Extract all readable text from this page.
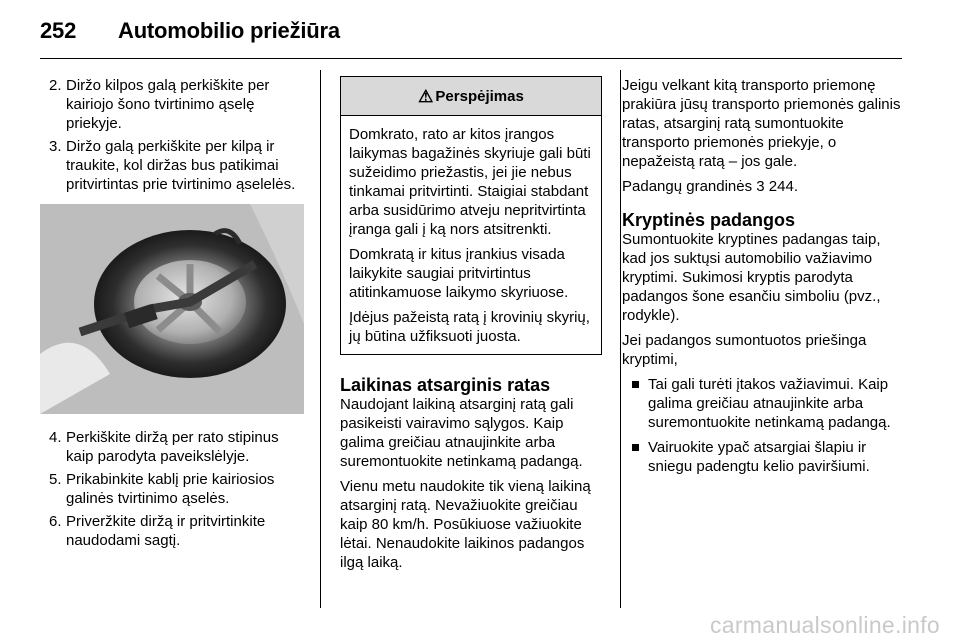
252 Automobilio priežiūra
2. Diržo kilpos galą perkiškite per kairiojo šono tvirtinimo ąselę priekyje.
3. Diržo galą perkiškite per kilpą ir traukite, kol diržas bus patikimai pritvirtintas prie tvirtinimo ąselelės.
4. Perkiškite diržą per rato stipinus kaip parodyta paveikslėlyje.
5. Prikabinkite kablį prie kairiosios galinės tvirtinimo ąselės.
6. Priveržkite diržą ir pritvirtinkite naudodami sagtį.
⚠ Perspėjimas

Domkrato, rato ar kitos įrangos laikymas bagažinės skyriuje gali būti sužeidimo priežastis, jei jie nebus tinkamai pritvirtinti. Staigiai stabdant arba susidūrimo atveju nepritvirtinta įranga gali į ką nors atsitrenkti.

Domkratą ir kitus įrankius visada laikykite saugiai pritvirtintus atitinkamuose laikymo skyriuose.

Įdėjus pažeistą ratą į krovinių skyrių, jų būtina užfiksuoti juosta.

Laikinas atsarginis ratas

Naudojant laikiną atsarginį ratą gali pasikeisti vairavimo sąlygos. Kaip galima greičiau atnaujinkite arba suremontuokite netinkamą padangą.

Vienu metu naudokite tik vieną laikiną atsarginį ratą. Nevažiuokite greičiau kaip 80 km/h. Posūkiuose važiuokite lėtai. Nenaudokite laikinos padangos ilgą laiką.

Jeigu velkant kitą transporto priemonę prakiūra jūsų transporto priemonės galinis ratas, atsarginį ratą sumontuokite transporto priemonės priekyje, o nepažeistą ratą – jos gale.

Padangų grandinės 3 244.

Kryptinės padangos

Sumontuokite kryptines padangas taip, kad jos suktųsi automobilio važiavimo kryptimi. Sukimosi kryptis parodyta padangos šone esančiu simboliu (pvz., rodykle).

Jei padangos sumontuotos priešinga kryptimi,

Tai gali turėti įtakos važiavimui. Kaip galima greičiau atnaujinkite arba suremontuokite netinkamą padangą.
Vairuokite ypač atsargiai šlapiu ir sniegu padengtu kelio paviršiumi.
carmanualsonline.info
